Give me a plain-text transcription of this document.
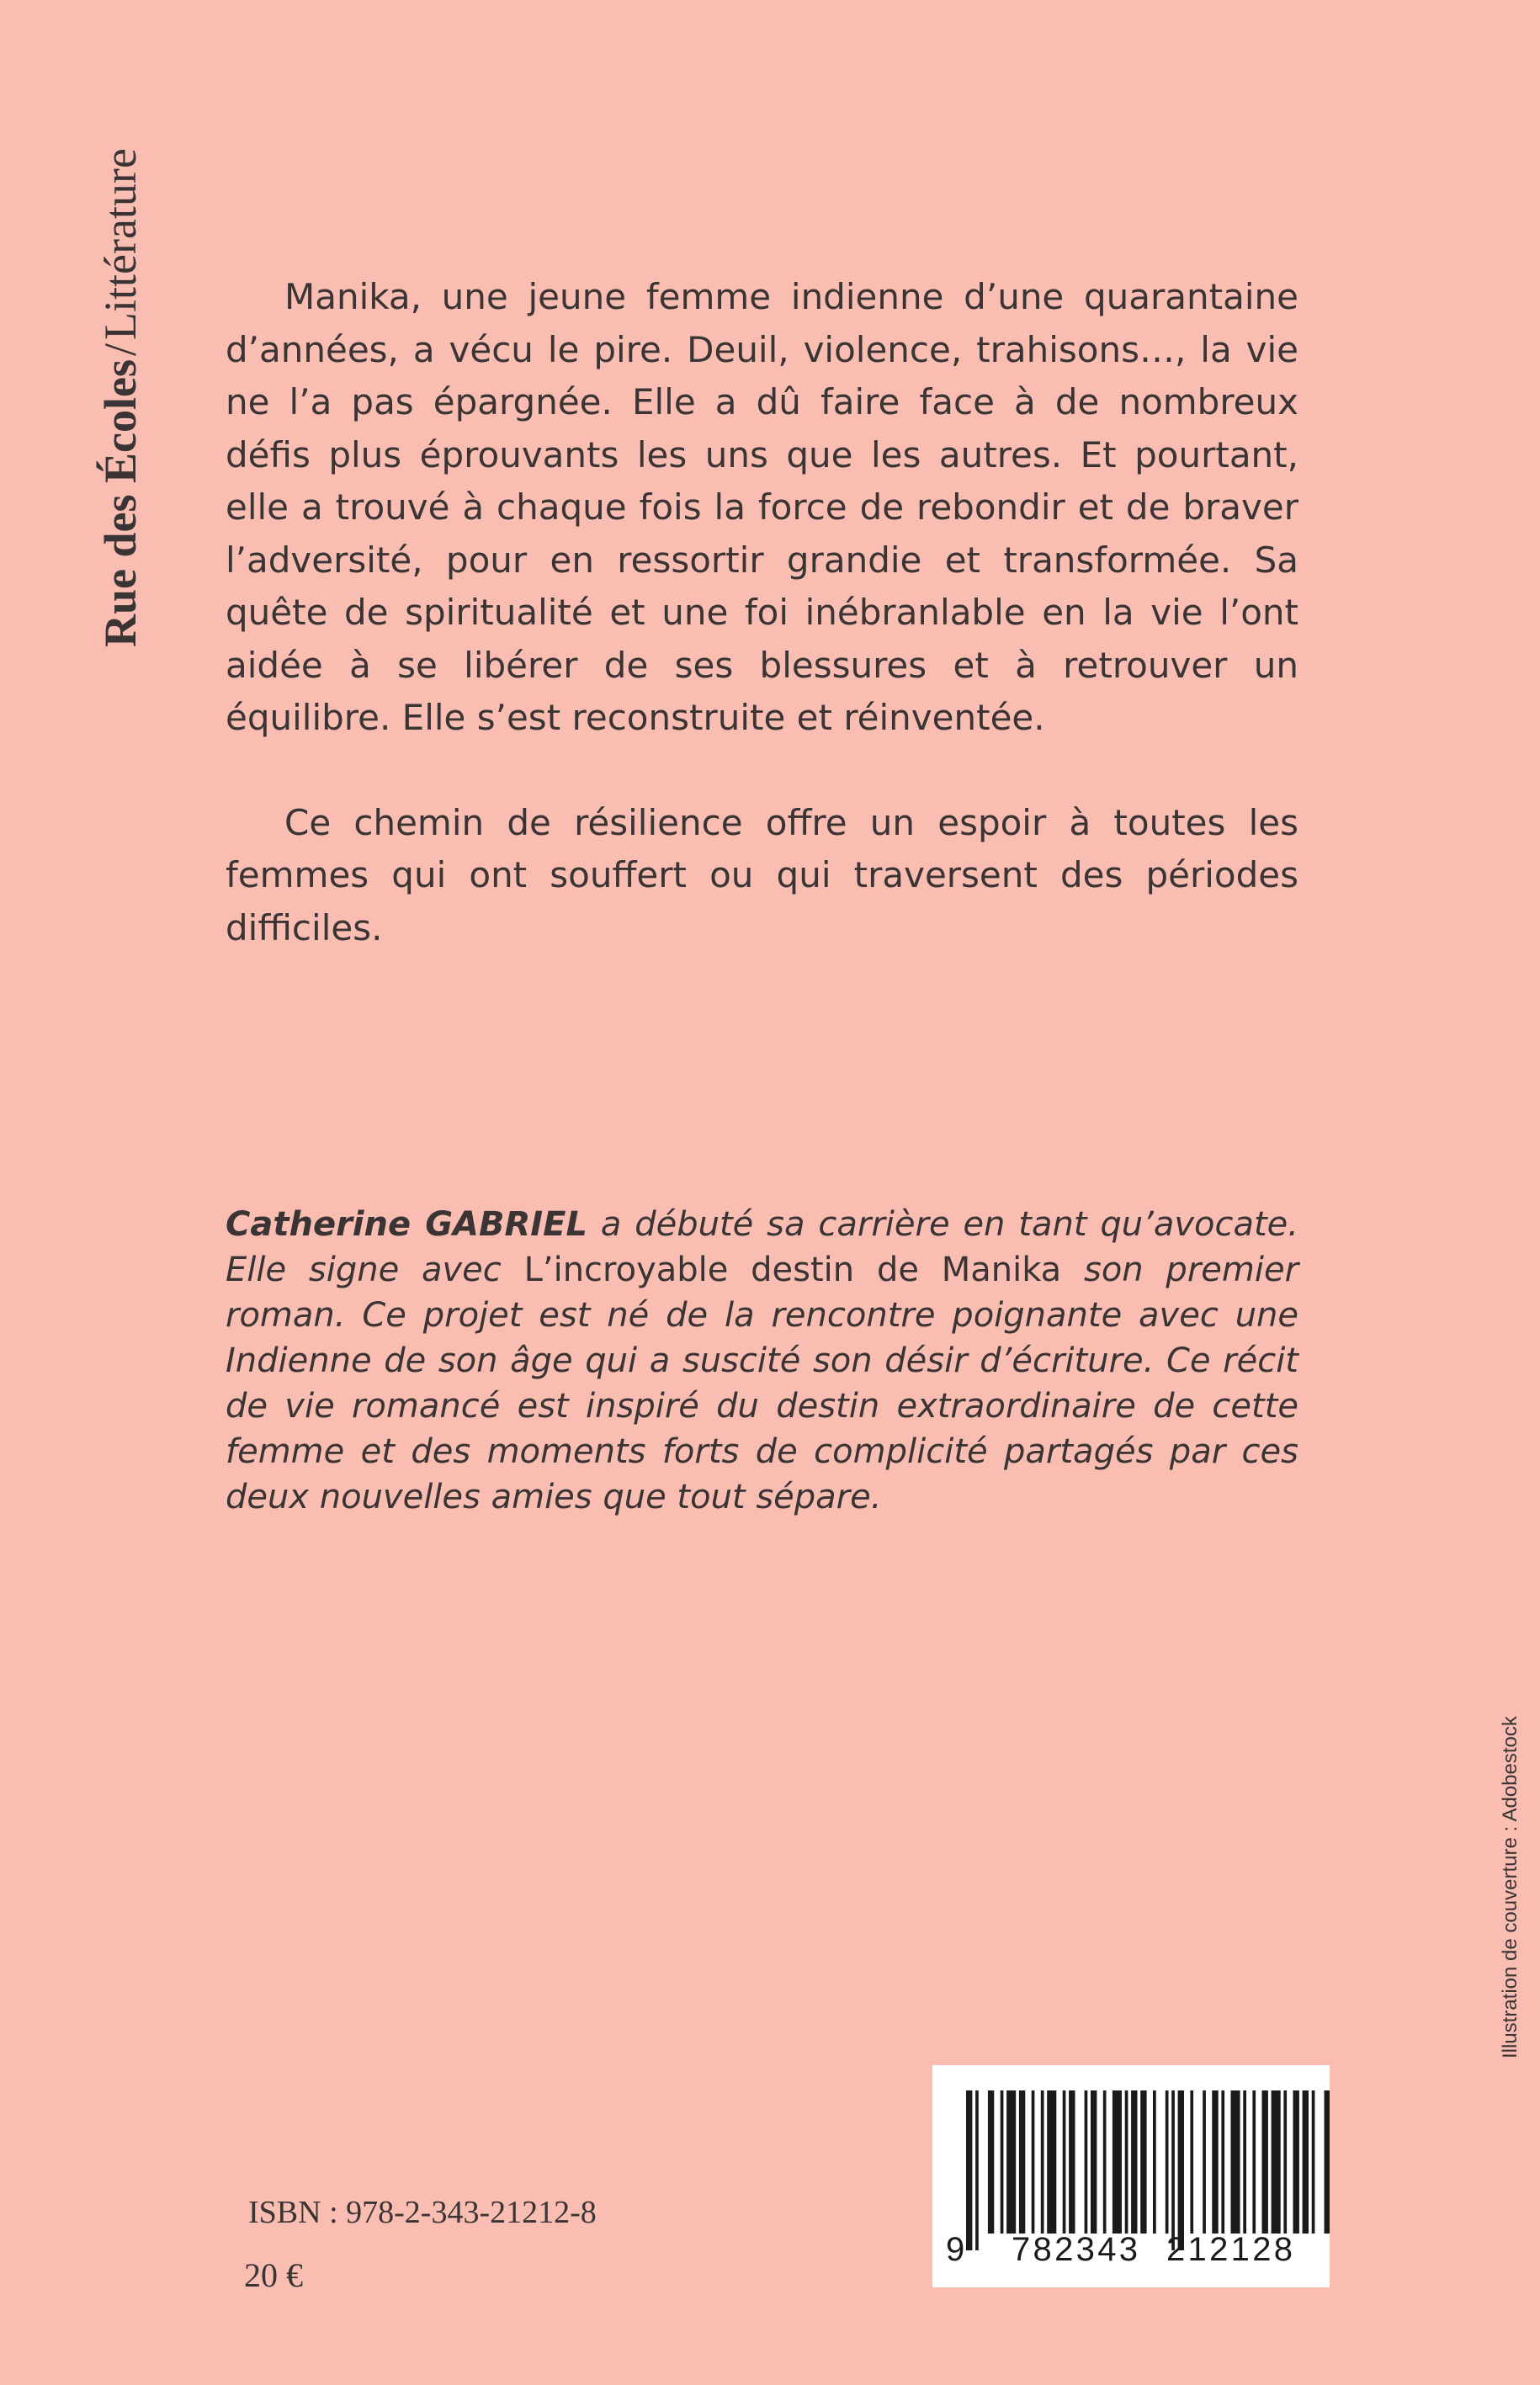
Rue des Écoles/Littérature	Manika, une jeune femme indienne d’une quarantaine d’années, a vécu le pire. Deuil, violence, trahisons…, la vie ne l’a pas épargnée. Elle a dû faire face à de nombreux défis plus éprouvants les uns que les autres. Et pourtant, elle a trouvé à chaque fois la force de rebondir et de braver l’adversité, pour en ressortir grandie et transformée. Sa quête de spiritualité et une foi inébranlable en la vie l’ont aidée à se libérer de ses blessures et à retrouver un équilibre. Elle s’est reconstruite et réinventée.

Ce chemin de résilience offre un espoir à toutes les femmes qui ont souffert ou qui traversent des périodes difficiles.

Catherine GABRIEL a débuté sa carrière en tant qu’avocate. Elle signe avec L’incroyable destin de Manika son premier roman. Ce projet est né de la rencontre poignante avec une Indienne de son âge qui a suscité son désir d’écriture. Ce récit de vie romancé est inspiré du destin extraordinaire de cette femme et des moments forts de complicité partagés par ces deux nouvelles amies que tout sépare.

Illustration de couverture : Adobestock
ISBN : 978-2-343-21212-8
20 €
9 782343 212128
